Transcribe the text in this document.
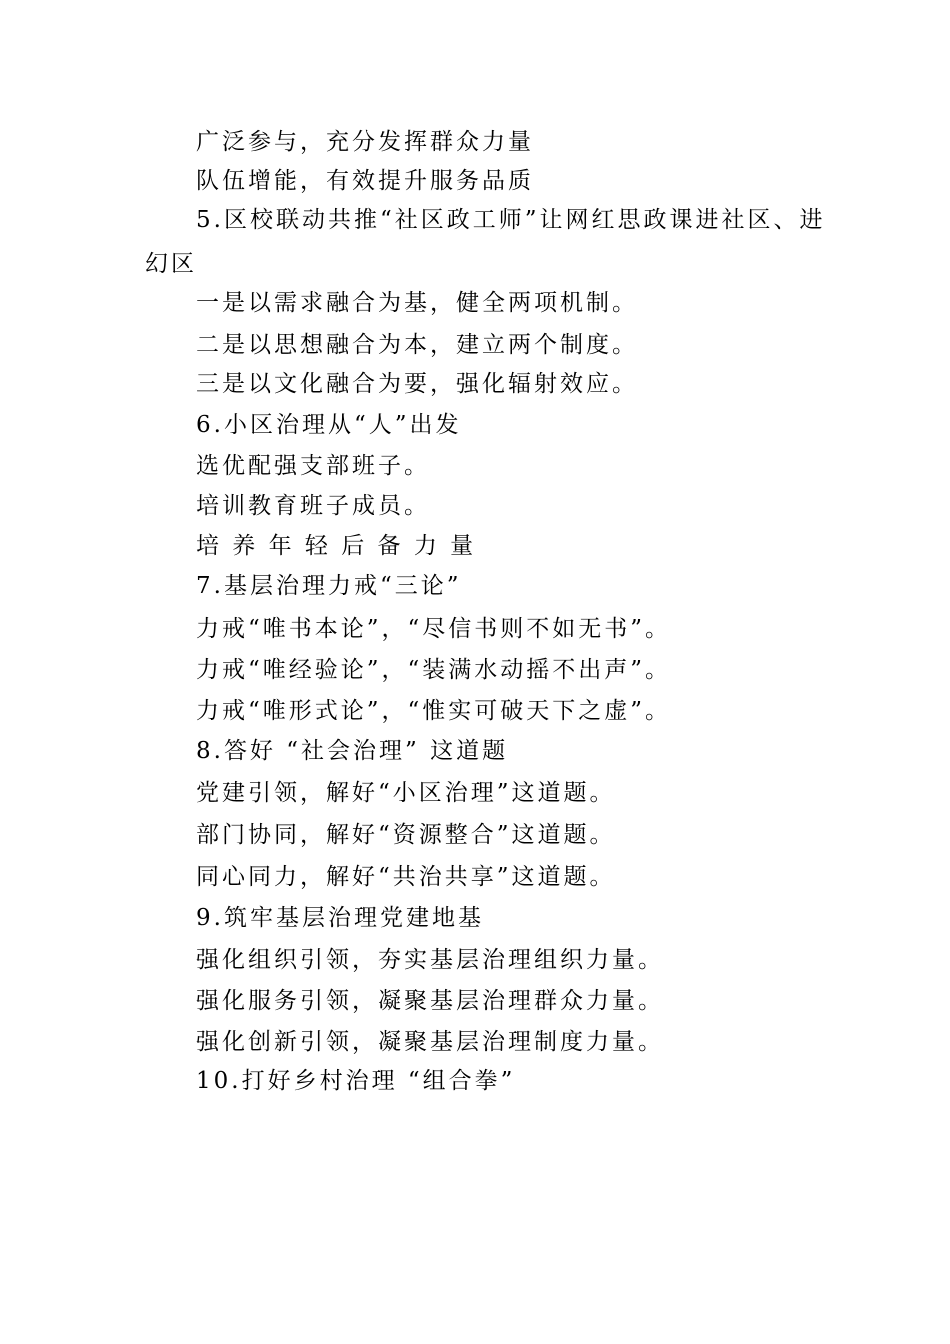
广泛参与，充分发挥群众力量
队伍增能，有效提升服务品质
5.区校联动共推“社区政工师”让网红思政课进社区、进
幻区
一是以需求融合为基，健全两项机制。
二是以思想融合为本，建立两个制度。
三是以文化融合为要，强化辐射效应。
6.小区治理从“人”出发
选优配强支部班子。
培训教育班子成员。
培 养 年 轻 后 备 力 量
7.基层治理力戒“三论”
力戒“唯书本论”，“尽信书则不如无书”。
力戒“唯经验论”，“装满水动摇不出声”。
力戒“唯形式论”，“惟实可破天下之虚”。
8.答好 “社会治理” 这道题
党建引领，解好“小区治理”这道题。
部门协同，解好“资源整合”这道题。
同心同力，解好“共治共享”这道题。
9.筑牢基层治理党建地基
强化组织引领，夯实基层治理组织力量。
强化服务引领，凝聚基层治理群众力量。
强化创新引领，凝聚基层治理制度力量。
10.打好乡村治理 “组合拳”
